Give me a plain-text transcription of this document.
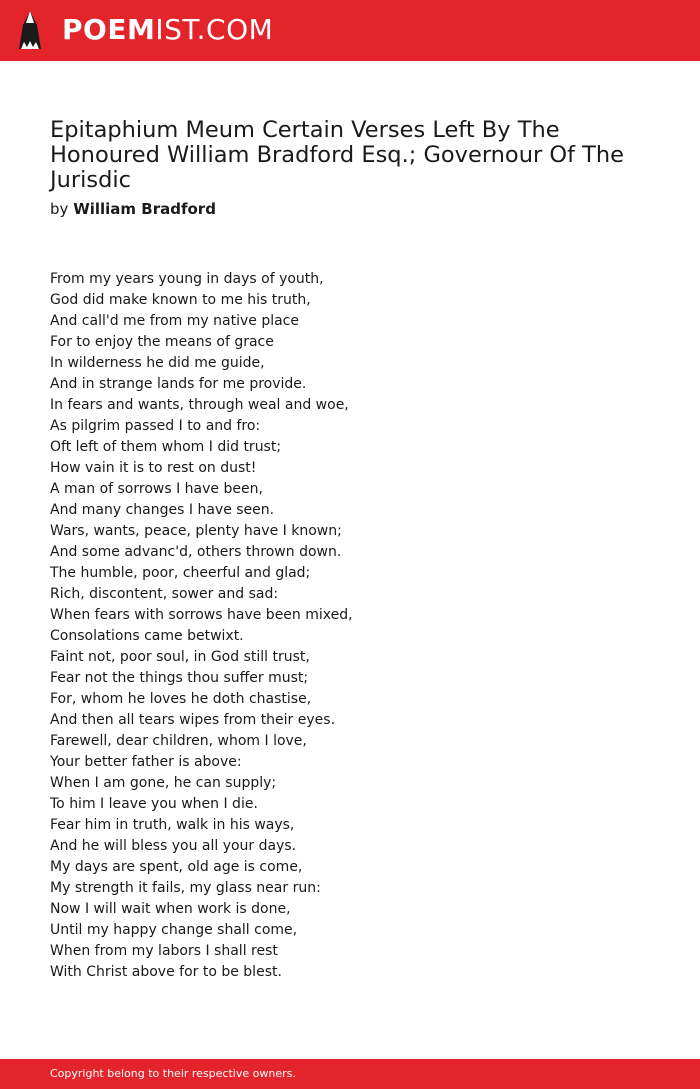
POEMIST.COM
Epitaphium Meum Certain Verses Left By The Honoured William Bradford Esq.; Governour Of The Jurisdic
by William Bradford
From my years young in days of youth,
God did make known to me his truth,
And call'd me from my native place
For to enjoy the means of grace
In wilderness he did me guide,
And in strange lands for me provide.
In fears and wants, through weal and woe,
As pilgrim passed I to and fro:
Oft left of them whom I did trust;
How vain it is to rest on dust!
A man of sorrows I have been,
And many changes I have seen.
Wars, wants, peace, plenty have I known;
And some advanc'd, others thrown down.
The humble, poor, cheerful and glad;
Rich, discontent, sower and sad:
When fears with sorrows have been mixed,
Consolations came betwixt.
Faint not, poor soul, in God still trust,
Fear not the things thou suffer must;
For, whom he loves he doth chastise,
And then all tears wipes from their eyes.
Farewell, dear children, whom I love,
Your better father is above:
When I am gone, he can supply;
To him I leave you when I die.
Fear him in truth, walk in his ways,
And he will bless you all your days.
My days are spent, old age is come,
My strength it fails, my glass near run:
Now I will wait when work is done,
Until my happy change shall come,
When from my labors I shall rest
With Christ above for to be blest.
Copyright belong to their respective owners.
